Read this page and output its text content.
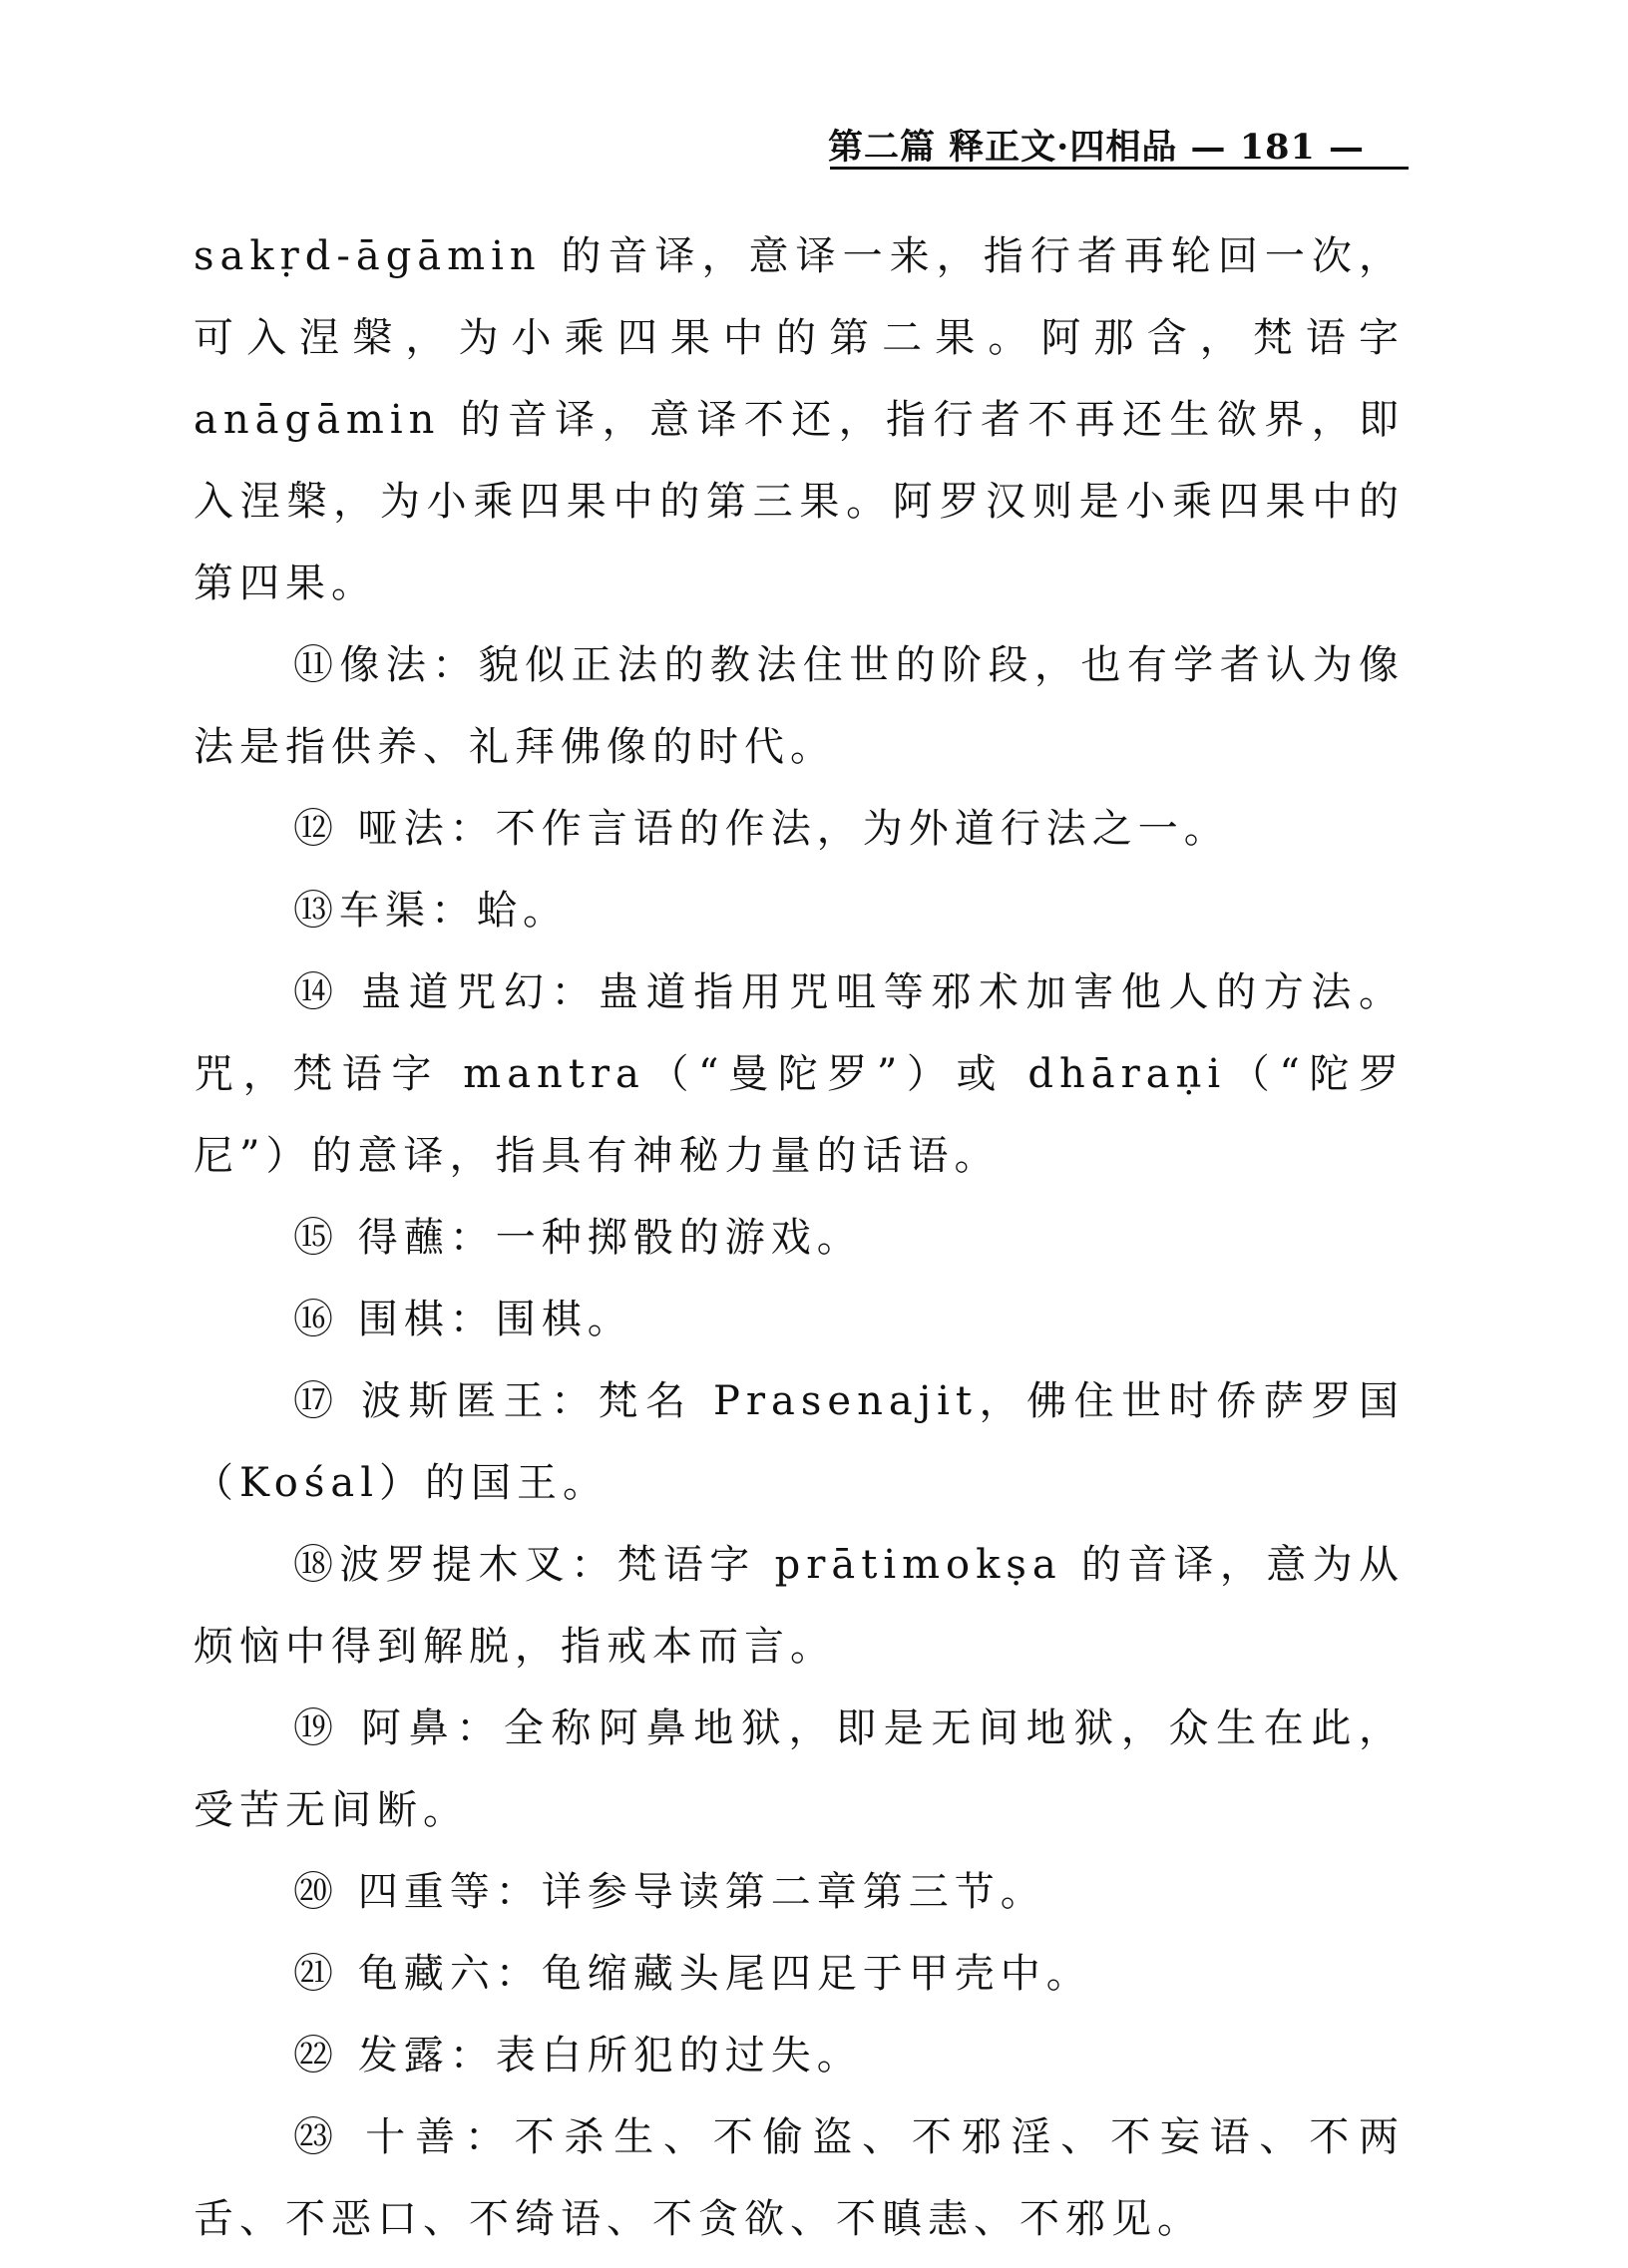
第二篇 释正文·四相品 — 181 —

sakṛd-āgāmin 的音译，意译一来，指行者再轮回一次，可入涅槃，为小乘四果中的第二果。阿那含，梵语字 anāgāmin 的音译，意译不还，指行者不再还生欲界，即入涅槃，为小乘四果中的第三果。阿罗汉则是小乘四果中的第四果。

⑪像法：貌似正法的教法住世的阶段，也有学者认为像法是指供养、礼拜佛像的时代。

⑫ 哑法：不作言语的作法，为外道行法之一。

⑬车渠：蛤。

⑭ 蛊道咒幻：蛊道指用咒咀等邪术加害他人的方法。咒，梵语字 mantra（“曼陀罗”）或 dhāraṇi（“陀罗尼”）的意译，指具有神秘力量的话语。

⑮ 得蘸：一种掷骰的游戏。

⑯ 围棋：围棋。

⑰ 波斯匿王：梵名 Prasenajit，佛住世时侨萨罗国（Kośal）的国王。

⑱波罗提木叉：梵语字 prātimokṣa 的音译，意为从烦恼中得到解脱，指戒本而言。

⑲ 阿鼻：全称阿鼻地狱，即是无间地狱，众生在此，受苦无间断。

⑳ 四重等：详参导读第二章第三节。

㉑ 龟藏六：龟缩藏头尾四足于甲壳中。

㉒ 发露：表白所犯的过失。

㉓ 十善：不杀生、不偷盗、不邪淫、不妄语、不两舌、不恶口、不绮语、不贪欲、不瞋恚、不邪见。
